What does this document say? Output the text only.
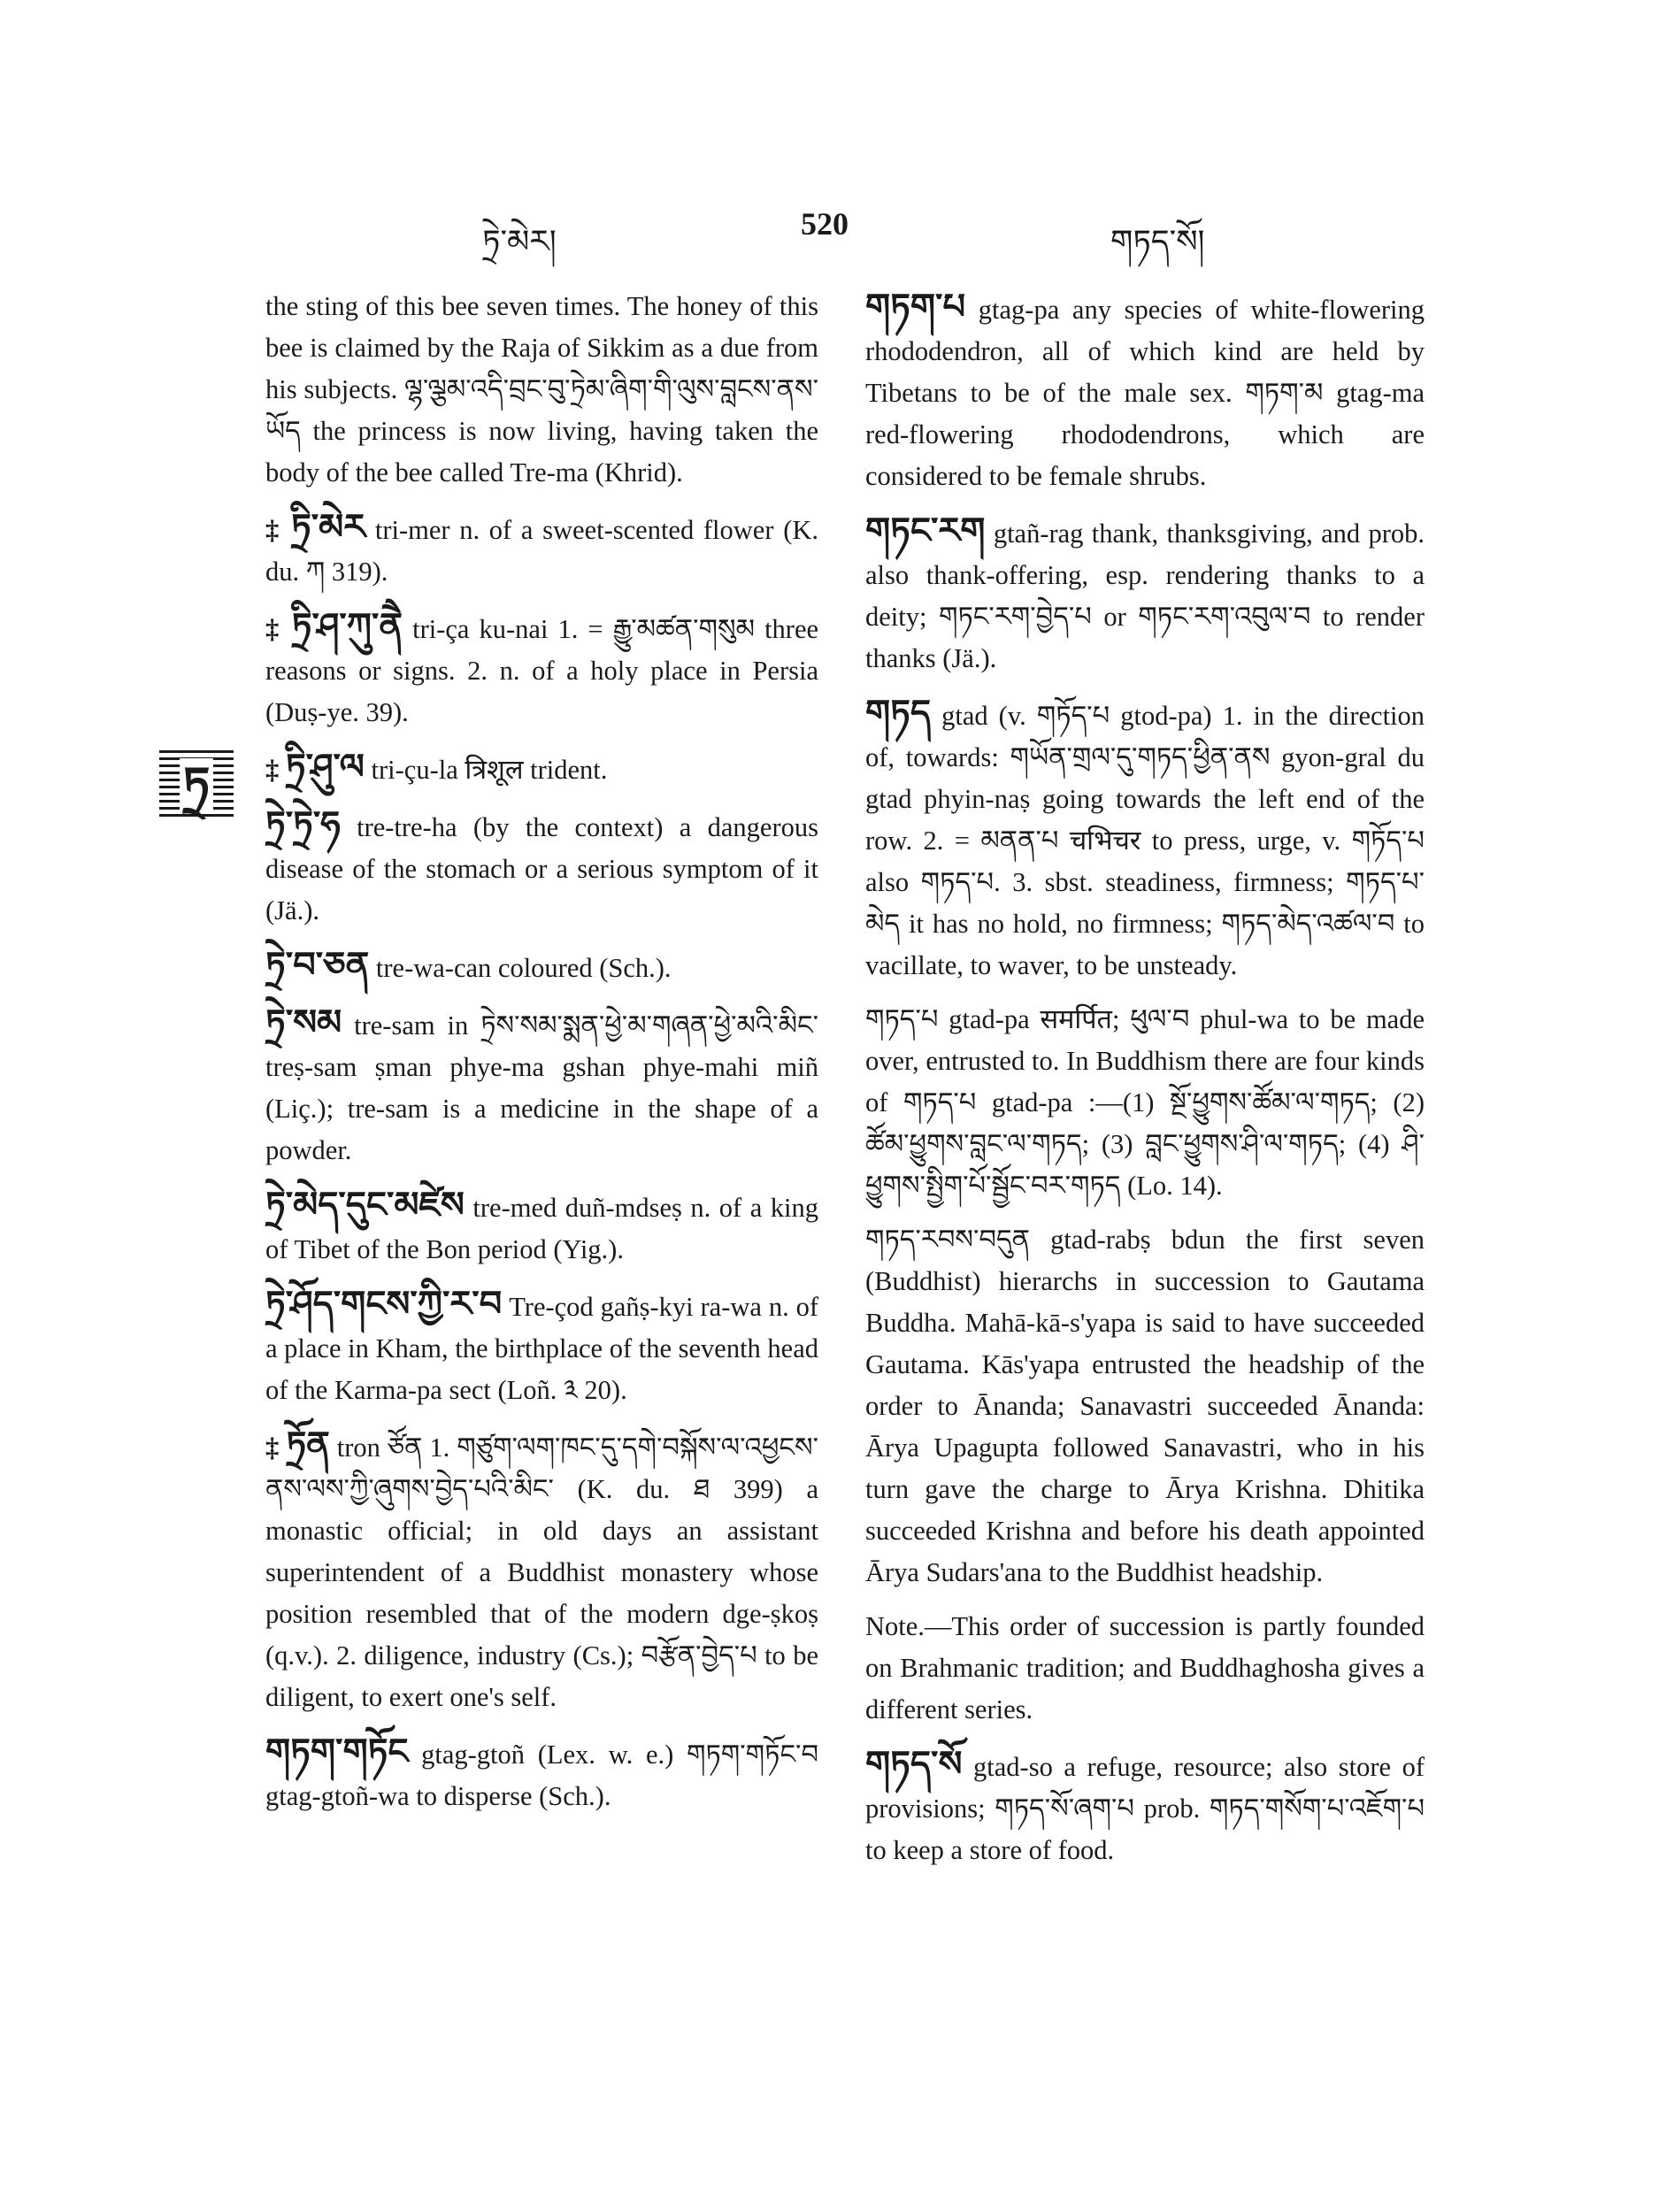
ཏྲེ་མེར།	520	གཏད་སོ།
ཏྲ

the sting of this bee seven times. The honey of this bee is claimed by the Raja of Sikkim as a due from his subjects. ལྷ་ལྕམ་འདི་བྲང་བུ་ཏྲེམ་ཞིག་གི་ལུས་བླངས་ནས་ཡོད the princess is now living, having taken the body of the bee called Tre-ma (Khrid).

‡ ཏྲི་མེར tri-mer n. of a sweet-scented flower (K. du. ཀ 319).

‡ ཏྲི་ཤ་ཀུ་ནཻ tri-ça ku-nai 1. = རྒྱུ་མཚན་གསུམ three reasons or signs. 2. n. of a holy place in Persia (Duṣ-ye. 39).

‡ ཏྲི་ཤུ་ལ tri-çu-la त्रिशूल trident.

ཏྲེ་ཏྲེ་ཧ tre-tre-ha (by the context) a dangerous disease of the stomach or a serious symptom of it (Jä.).

ཏྲེ་བ་ཅན tre-wa-can coloured (Sch.).

ཏྲེ་སམ tre-sam in ཏྲེས་སམ་སྨན་ཕྱེ་མ་གཞན་ཕྱེ་མའི་མིང་ treṣ-sam ṣman phye-ma gshan phye-mahi miñ (Liç.); tre-sam is a medicine in the shape of a powder.

ཏྲེ་མེད་དུང་མཛེས tre-med duñ-mdseṣ n. of a king of Tibet of the Bon period (Yig.).

ཏྲེ་ཤོད་གངས་ཀྱི་ར་བ Tre-çod gañṣ-kyi ra-wa n. of a place in Kham, the birthplace of the seventh head of the Karma-pa sect (Loñ. ༣ 20).

‡ ཏྲོན tron ཙོན 1. གཙུག་ལག་ཁང་དུ་དགེ་བསྐོས་ལ་འཕྱངས་ནས་ལས་ཀྱི་ཞུགས་བྱེད་པའི་མིང་ (K. du. ཐ 399) a monastic official; in old days an assistant superintendent of a Buddhist monastery whose position resembled that of the modern dge-ṣkoṣ (q.v.). 2. diligence, industry (Cs.); བརྩོན་བྱེད་པ to be diligent, to exert one's self.

གཏག་གཏོང gtag-gtoñ (Lex. w. e.) གཏག་གཏོང་བ gtag-gtoñ-wa to disperse (Sch.).

གཏག་པ gtag-pa any species of white-flowering rhododendron, all of which kind are held by Tibetans to be of the male sex. གཏག་མ gtag-ma red-flowering rhododendrons, which are considered to be female shrubs.

གཏང་རག gtañ-rag thank, thanksgiving, and prob. also thank-offering, esp. rendering thanks to a deity; གཏང་རག་བྱེད་པ or གཏང་རག་འབུལ་བ to render thanks (Jä.).

གཏད gtad (v. གཏོད་པ gtod-pa) 1. in the direction of, towards: གཡོན་གྲལ་དུ་གཏད་ཕྱིན་ནས gyon-gral du gtad phyin-naṣ going towards the left end of the row. 2. = མནན་པ चभिचर to press, urge, v. གཏོད་པ also གཏད་པ. 3. sbst. steadiness, firmness; གཏད་པ་མེད it has no hold, no firmness; གཏད་མེད་འཚལ་བ to vacillate, to waver, to be unsteady.

གཏད་པ gtad-pa समर्पित; ཕུལ་བ phul-wa to be made over, entrusted to. In Buddhism there are four kinds of གཏད་པ gtad-pa :—(1) སྔོ་ཕྱུགས་ཚོམ་ལ་གཏད; (2) ཚོམ་ཕྱུགས་བླང་ལ་གཏད; (3) བླང་ཕྱུགས་ཤི་ལ་གཏད; (4) ཤི་ཕྱུགས་སྤྱིག་པོ་སྦྱོང་བར་གཏད (Lo. 14).

གཏད་རབས་བདུན gtad-rabṣ bdun the first seven (Buddhist) hierarchs in succession to Gautama Buddha. Mahā-kā-s'yapa is said to have succeeded Gautama. Kās'yapa entrusted the headship of the order to Ānanda; Sanavastri succeeded Ānanda: Ārya Upagupta followed Sanavastri, who in his turn gave the charge to Ārya Krishna. Dhitika succeeded Krishna and before his death appointed Ārya Sudars'ana to the Buddhist headship.

Note.—This order of succession is partly founded on Brahmanic tradition; and Buddhaghosha gives a different series.

གཏད་སོ gtad-so a refuge, resource; also store of provisions; གཏད་སོ་ཞག་པ prob. གཏད་གསོག་པ་འཇོག་པ to keep a store of food.
